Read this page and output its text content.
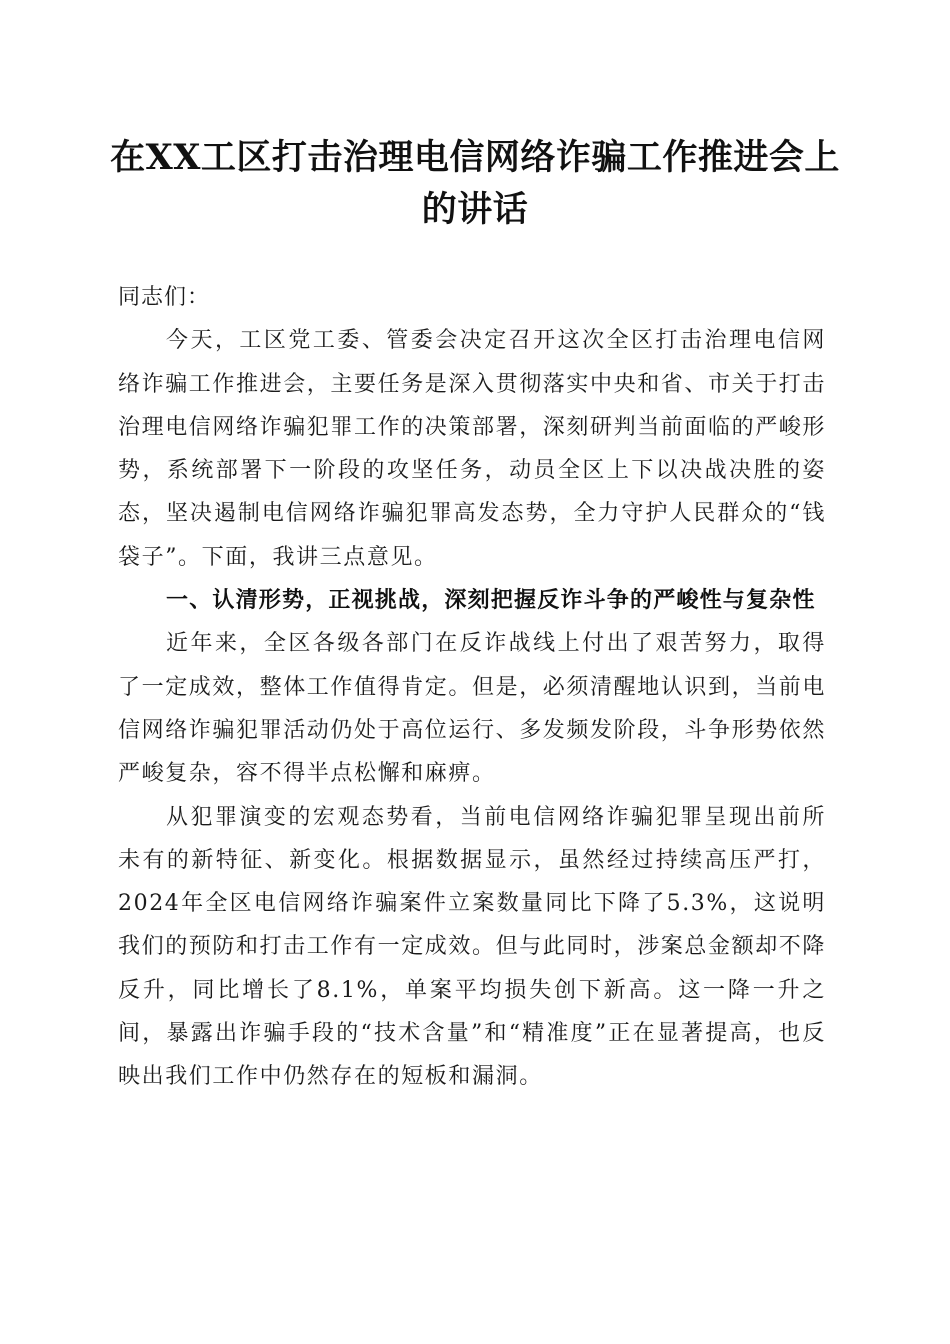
在XX工区打击治理电信网络诈骗工作推进会上的讲话

同志们：

今天，工区党工委、管委会决定召开这次全区打击治理电信网络诈骗工作推进会，主要任务是深入贯彻落实中央和省、市关于打击治理电信网络诈骗犯罪工作的决策部署，深刻研判当前面临的严峻形势，系统部署下一阶段的攻坚任务，动员全区上下以决战决胜的姿态，坚决遏制电信网络诈骗犯罪高发态势，全力守护人民群众的“钱袋子”。下面，我讲三点意见。

一、认清形势，正视挑战，深刻把握反诈斗争的严峻性与复杂性

近年来，全区各级各部门在反诈战线上付出了艰苦努力，取得了一定成效，整体工作值得肯定。但是，必须清醒地认识到，当前电信网络诈骗犯罪活动仍处于高位运行、多发频发阶段，斗争形势依然严峻复杂，容不得半点松懈和麻痹。

从犯罪演变的宏观态势看，当前电信网络诈骗犯罪呈现出前所未有的新特征、新变化。根据数据显示，虽然经过持续高压严打，2024年全区电信网络诈骗案件立案数量同比下降了5.3%，这说明我们的预防和打击工作有一定成效。但与此同时，涉案总金额却不降反升，同比增长了8.1%，单案平均损失创下新高。这一降一升之间，暴露出诈骗手段的“技术含量”和“精准度”正在显著提高，也反映出我们工作中仍然存在的短板和漏洞。
